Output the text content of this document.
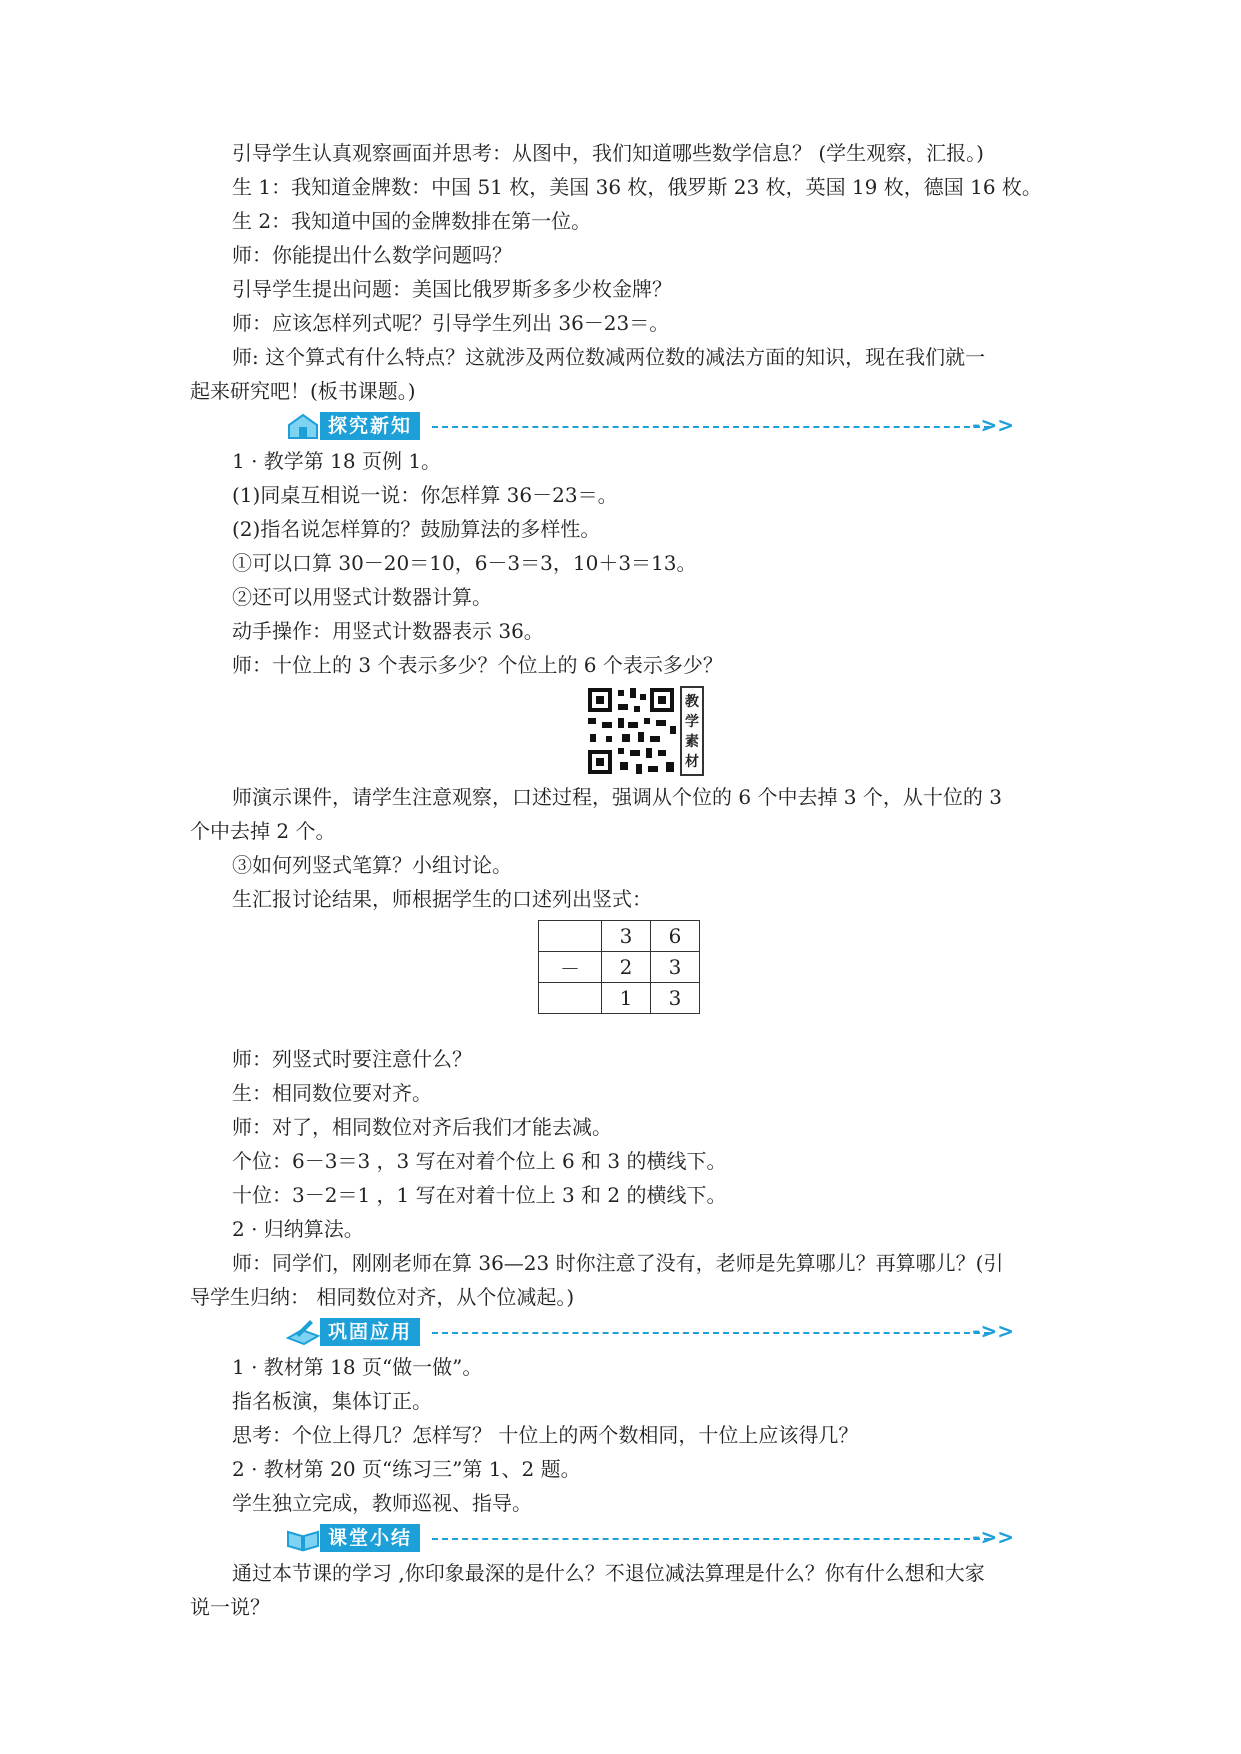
引导学生认真观察画面并思考：从图中，我们知道哪些数学信息？ (学生观察，汇报。)

生 1：我知道金牌数：中国 51 枚，美国 36 枚，俄罗斯 23 枚，英国 19 枚，德国 16 枚。

生 2：我知道中国的金牌数排在第一位。

师：你能提出什么数学问题吗？

引导学生提出问题：美国比俄罗斯多多少枚金牌？

师：应该怎样列式呢？引导学生列出 36－23＝。

师: 这个算式有什么特点？这就涉及两位数减两位数的减法方面的知识，现在我们就一

起来研究吧！(板书课题。)

探究新知	->>

1 · 教学第 18 页例 1。

(1)同桌互相说一说：你怎样算 36－23＝。

(2)指名说怎样算的？鼓励算法的多样性。

①可以口算 30－20＝10，6－3＝3，10＋3＝13。

②还可以用竖式计数器计算。

动手操作：用竖式计数器表示 36。

师：十位上的 3 个表示多少？个位上的 6 个表示多少？

教
学
素
材

师演示课件，请学生注意观察，口述过程，强调从个位的 6 个中去掉 3 个，从十位的 3

个中去掉 2 个。

③如何列竖式笔算？小组讨论。

生汇报讨论结果，师根据学生的口述列出竖式：

	3	6
－	2	3
	1	3

师：列竖式时要注意什么？

生：相同数位要对齐。

师：对了，相同数位对齐后我们才能去减。

个位：6－3＝3 ，3 写在对着个位上 6 和 3 的横线下。

十位：3－2＝1 ，1 写在对着十位上 3 和 2 的横线下。

2 · 归纳算法。

师：同学们，刚刚老师在算 36—23 时你注意了没有，老师是先算哪儿？再算哪儿？(引

导学生归纳： 相同数位对齐，从个位减起。)

巩固应用	->>

1 · 教材第 18 页“做一做”。

指名板演，集体订正。

思考：个位上得几？怎样写？ 十位上的两个数相同，十位上应该得几？

2 · 教材第 20 页“练习三”第 1、2 题。

学生独立完成，教师巡视、指导。

课堂小结	->>

通过本节课的学习 ,你印象最深的是什么？不退位减法算理是什么？你有什么想和大家

说一说？
